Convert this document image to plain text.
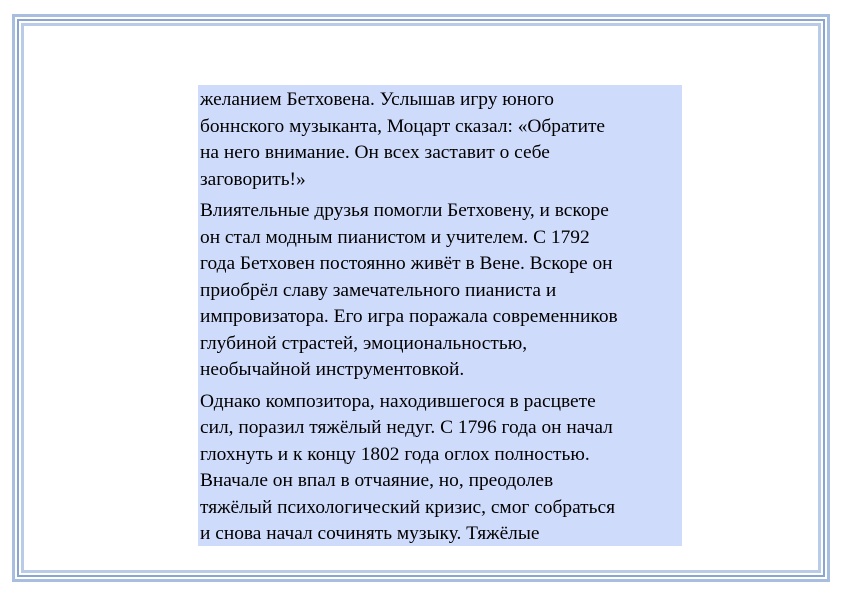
желанием Бетховена. Услышав игру юного
боннского музыканта, Моцарт сказал: «Обратите
на него внимание. Он всех заставит о себе
заговорить!»

Влиятельные друзья помогли Бетховену, и вскоре
он стал модным пианистом и учителем. С 1792
года Бетховен постоянно живёт в Вене. Вскоре он
приобрёл славу замечательного пианиста и
импровизатора. Его игра поражала современников
глубиной страстей, эмоциональностью,
необычайной инструментовкой.

Однако композитора, находившегося в расцвете
сил, поразил тяжёлый недуг. С 1796 года он начал
глохнуть и к концу 1802 года оглох полностью.
Вначале он впал в отчаяние, но, преодолев
тяжёлый психологический кризис, смог собраться
и снова начал сочинять музыку. Тяжёлые
